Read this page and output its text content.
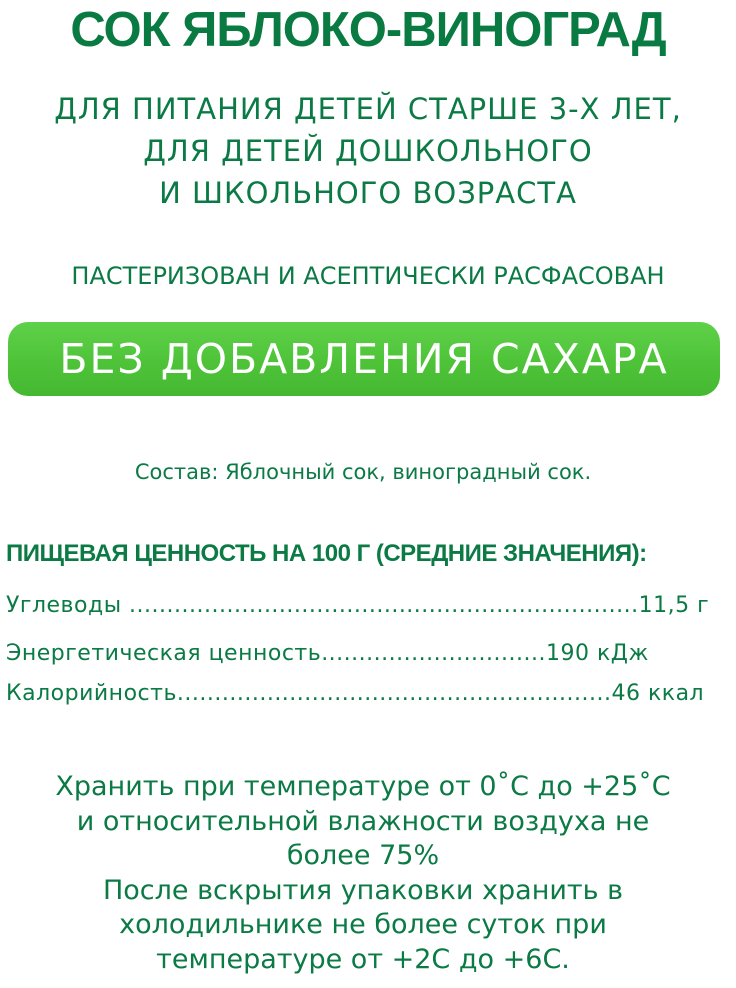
СОК ЯБЛОКО-ВИНОГРАД
ДЛЯ ПИТАНИЯ ДЕТЕЙ СТАРШЕ 3-Х ЛЕТ,
ДЛЯ ДЕТЕЙ ДОШКОЛЬНОГО
И ШКОЛЬНОГО ВОЗРАСТА
ПАСТЕРИЗОВАН И АСЕПТИЧЕСКИ РАСФАСОВАН
БЕЗ ДОБАВЛЕНИЯ САХАРА
Состав: Яблочный сок, виноградный сок.
ПИЩЕВАЯ ЦЕННОСТЬ НА 100 Г (СРЕДНИЕ ЗНАЧЕНИЯ):
Углеводы ....................................................................11,5 г
Энергетическая ценность..............................190 кДж
Калорийность..........................................................46 ккал
Хранить при температуре от 0˚С до +25˚С
и относительной влажности воздуха не
более 75%
После вскрытия упаковки хранить в
холодильнике не более суток при
температуре от +2С до +6С.
